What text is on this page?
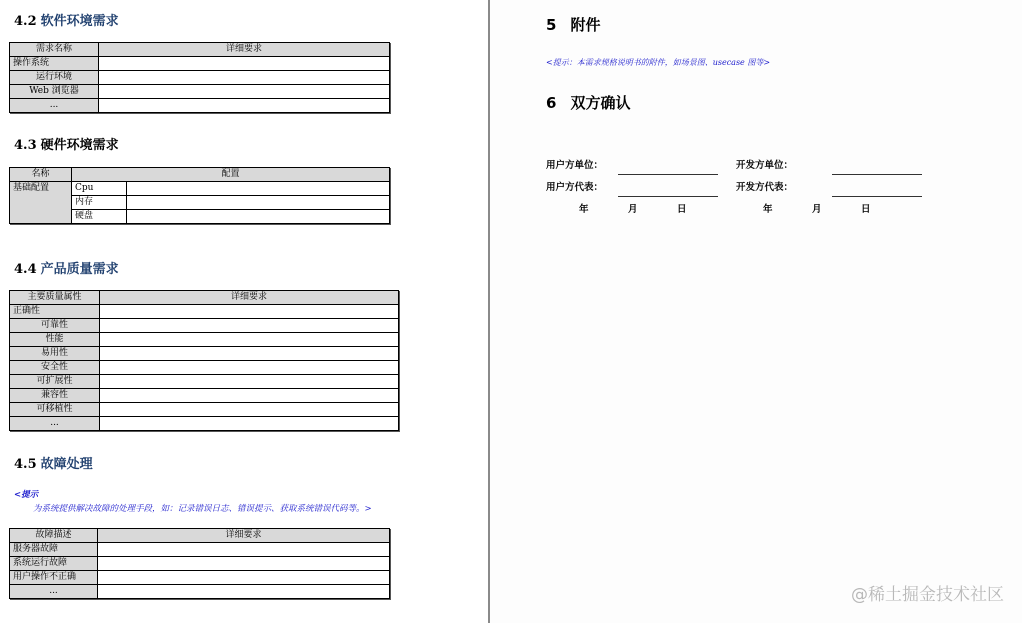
4.2 软件环境需求
需求名称	详细要求
操作系统	
运行环境	
Web 浏览器	
...	
4.3 硬件环境需求
名称	配置	
基础配置	Cpu	
	内存	
	硬盘	
4.4 产品质量需求
主要质量属性	详细要求
正确性	
可靠性	
性能	
易用性	
安全性	
可扩展性	
兼容性	
可移植性	
...	
4.5 故障处理
<提示
为系统提供解决故障的处理手段，如：记录错误日志、错误提示、获取系统错误代码等。>
故障描述	详细要求
服务器故障	
系统运行故障	
用户操作不正确	
...	
5 附件
<提示：本需求规格说明书的附件，如场景图、usecase 图等>
6 双方确认
用户方单位：
用户方代表：
年	月	日
开发方单位：
开发方代表：
年	月	日
@稀土掘金技术社区
